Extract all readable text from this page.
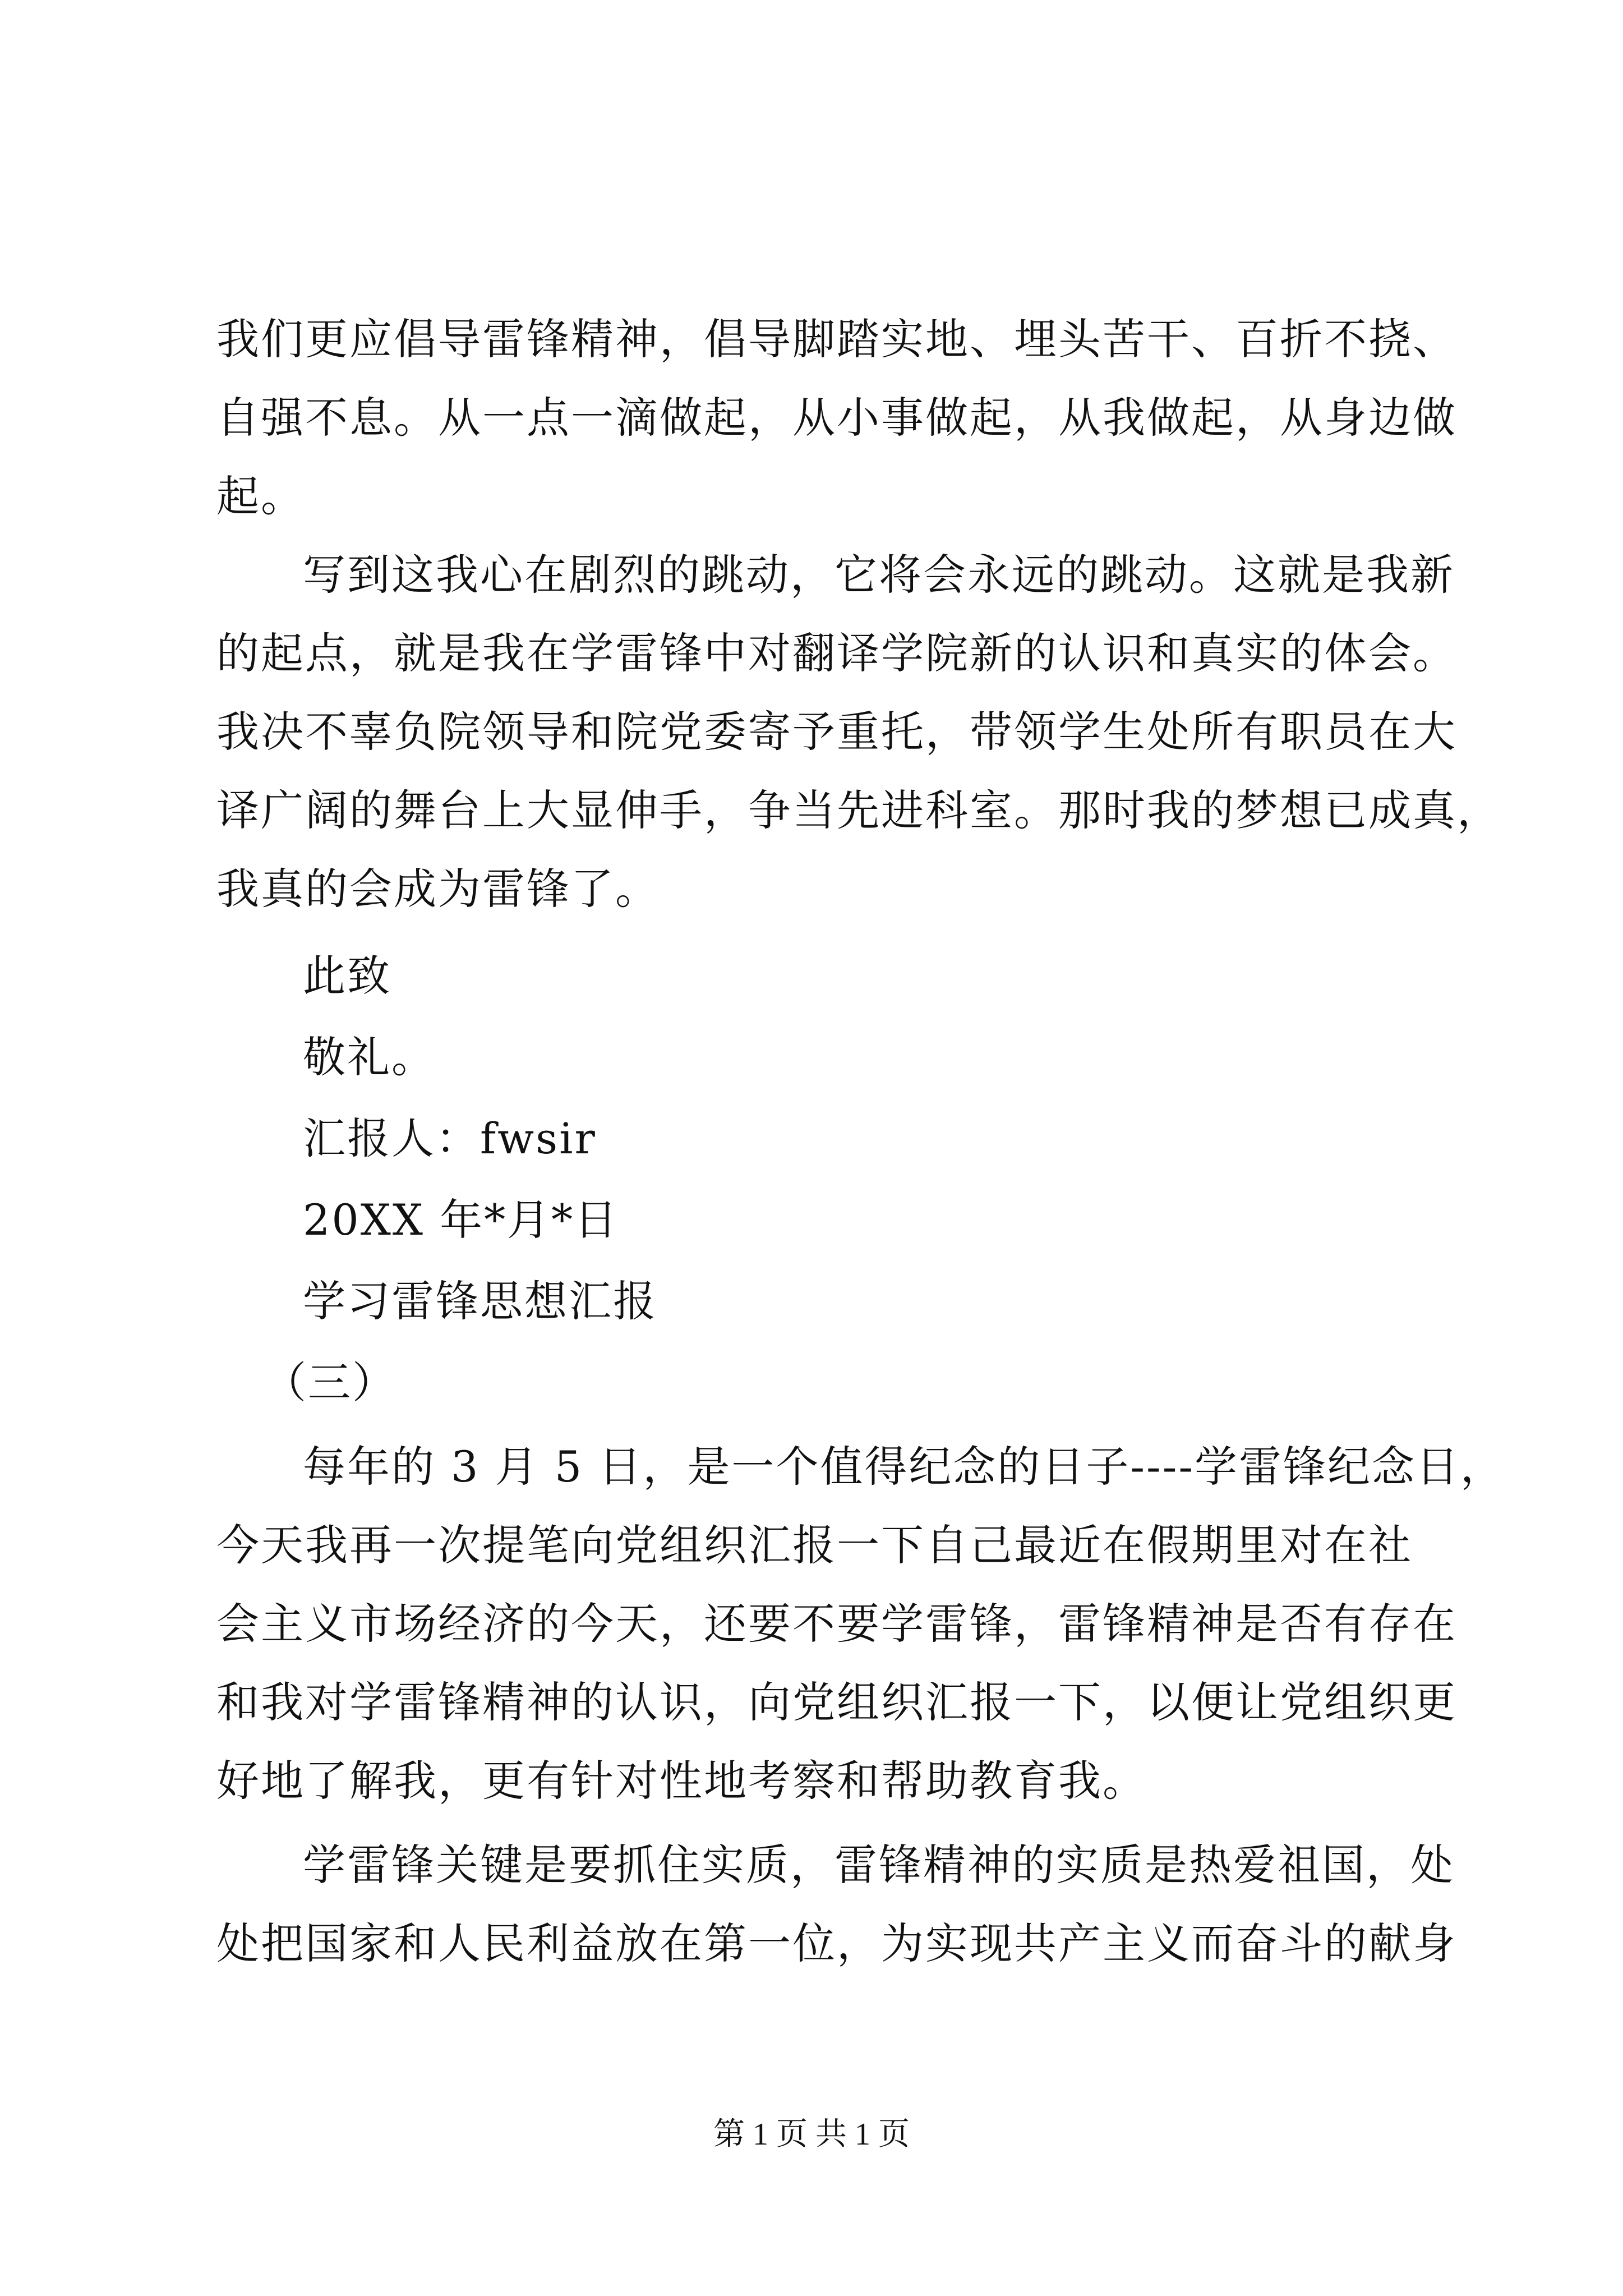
我们更应倡导雷锋精神，倡导脚踏实地、埋头苦干、百折不挠、
自强不息。从一点一滴做起，从小事做起，从我做起，从身边做
起。
写到这我心在剧烈的跳动，它将会永远的跳动。这就是我新
的起点，就是我在学雷锋中对翻译学院新的认识和真实的体会。
我决不辜负院领导和院党委寄予重托，带领学生处所有职员在大
译广阔的舞台上大显伸手，争当先进科室。那时我的梦想已成真，
我真的会成为雷锋了。
此致
敬礼。
汇报人：fwsir
20XX 年*月*日
学习雷锋思想汇报
（三）
每年的 3 月 5 日，是一个值得纪念的日子----学雷锋纪念日，
今天我再一次提笔向党组织汇报一下自己最近在假期里对在社
会主义市场经济的今天，还要不要学雷锋，雷锋精神是否有存在
和我对学雷锋精神的认识，向党组织汇报一下，以便让党组织更
好地了解我，更有针对性地考察和帮助教育我。
学雷锋关键是要抓住实质，雷锋精神的实质是热爱祖国，处
处把国家和人民利益放在第一位，为实现共产主义而奋斗的献身
第 1 页 共 1 页
